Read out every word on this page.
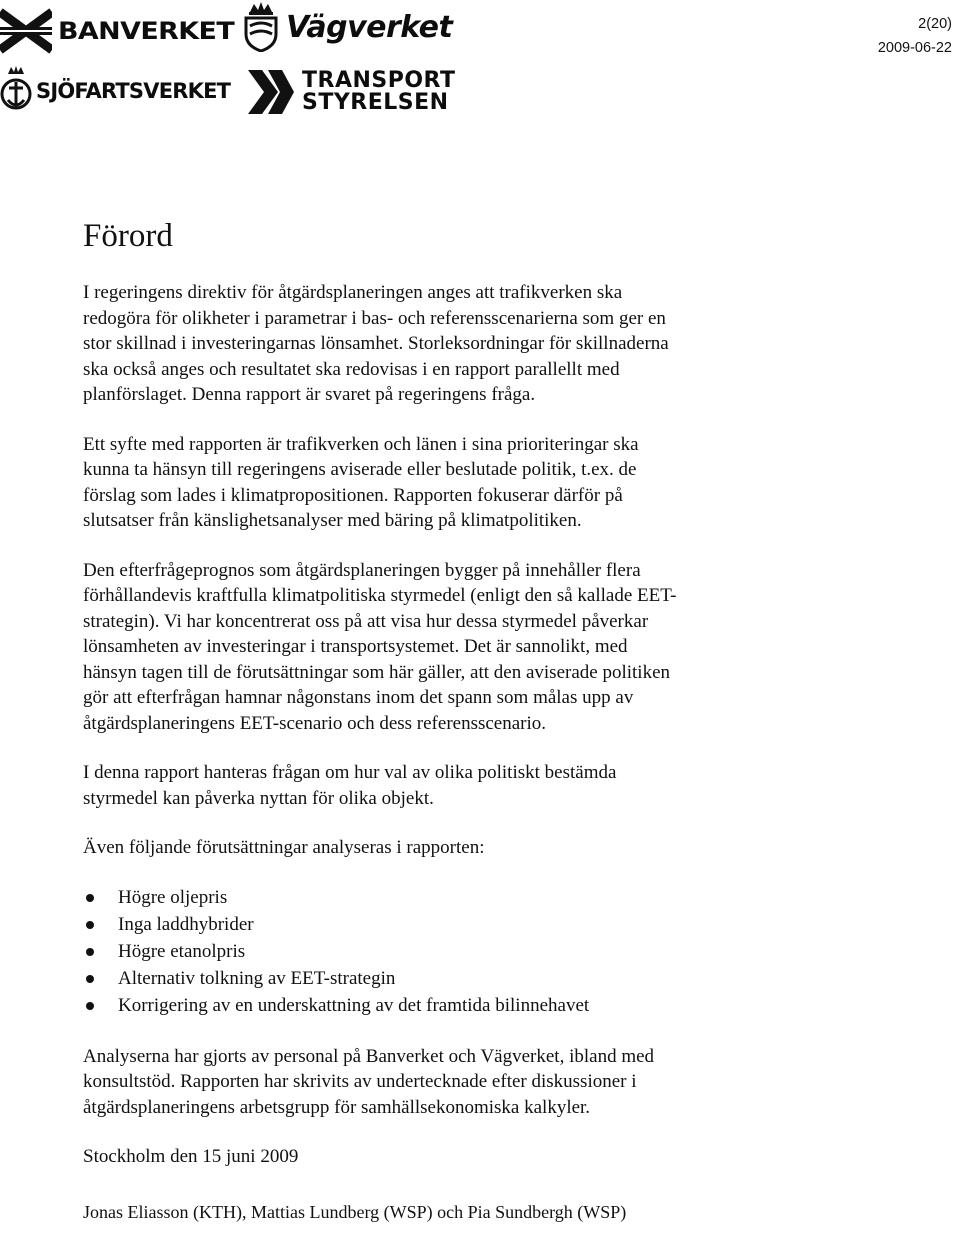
BANVERKET Vägverket
SJÖFARTSVERKET	TRANSPORT
STYRELSEN
2(20)
2009-06-22
Förord

I regeringens direktiv för åtgärdsplaneringen anges att trafikverken ska
redogöra för olikheter i parametrar i bas- och referensscenarierna som ger en
stor skillnad i investeringarnas lönsamhet. Storleksordningar för skillnaderna
ska också anges och resultatet ska redovisas i en rapport parallellt med
planförslaget. Denna rapport är svaret på regeringens fråga.

Ett syfte med rapporten är trafikverken och länen i sina prioriteringar ska
kunna ta hänsyn till regeringens aviserade eller beslutade politik, t.ex. de
förslag som lades i klimatpropositionen. Rapporten fokuserar därför på
slutsatser från känslighetsanalyser med bäring på klimatpolitiken.

Den efterfrågeprognos som åtgärdsplaneringen bygger på innehåller flera
förhållandevis kraftfulla klimatpolitiska styrmedel (enligt den så kallade EET-
strategin). Vi har koncentrerat oss på att visa hur dessa styrmedel påverkar
lönsamheten av investeringar i transportsystemet. Det är sannolikt, med
hänsyn tagen till de förutsättningar som här gäller, att den aviserade politiken
gör att efterfrågan hamnar någonstans inom det spann som målas upp av
åtgärdsplaneringens EET-scenario och dess referensscenario.

I denna rapport hanteras frågan om hur val av olika politiskt bestämda
styrmedel kan påverka nyttan för olika objekt.

Även följande förutsättningar analyseras i rapporten:

Högre oljepris
Inga laddhybrider
Högre etanolpris
Alternativ tolkning av EET-strategin
Korrigering av en underskattning av det framtida bilinnehavet

Analyserna har gjorts av personal på Banverket och Vägverket, ibland med
konsultstöd. Rapporten har skrivits av undertecknade efter diskussioner i
åtgärdsplaneringens arbetsgrupp för samhällsekonomiska kalkyler.

Stockholm den 15 juni 2009

Jonas Eliasson (KTH), Mattias Lundberg (WSP) och Pia Sundbergh (WSP)
